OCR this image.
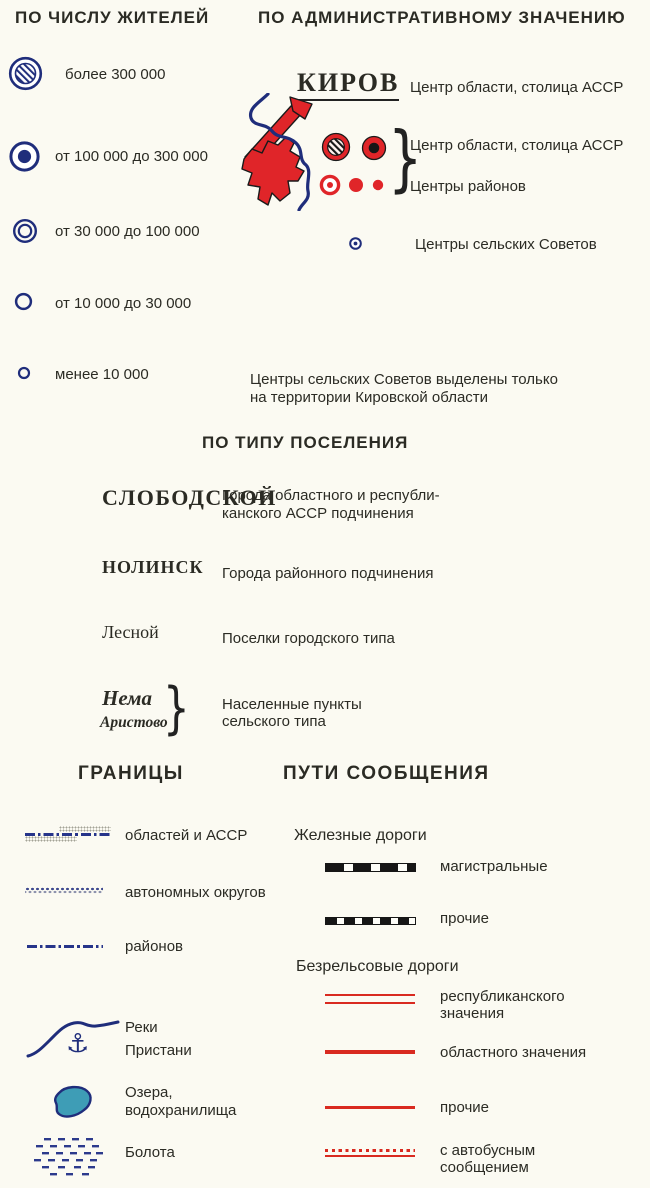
ПО ЧИСЛУ ЖИТЕЛЕЙ	ПО АДМИНИСТРАТИВНОМУ ЗНАЧЕНИЮ
более 300 000
от 100 000 до 300 000
от 30 000 до 100 000
от 10 000 до 30 000
менее 10 000
КИРОВ Центр области, столица АССР
}
Центр области, столица АССР
Центры районов
Центры сельских Советов
Центры сельских Советов выделены только
на территории Кировской области
ПО ТИПУ ПОСЕЛЕНИЯ
СЛОБОДСКОЙ
Города областного и республи-
канского АССР подчинения
НОЛИНСК Города районного подчинения
Лесной	Поселки городского типа
Нема
Аристово
} Населенные пункты
сельского типа
ГРАНИЦЫ
областей и АССР
автономных округов
районов
⚓
Реки
Пристани
Озера,
водохранилища
Болота
ПУТИ СООБЩЕНИЯ
Железные дороги
магистральные
прочие
Безрельсовые дороги
республиканского
значения
областного значения
прочие
с автобусным
сообщением
